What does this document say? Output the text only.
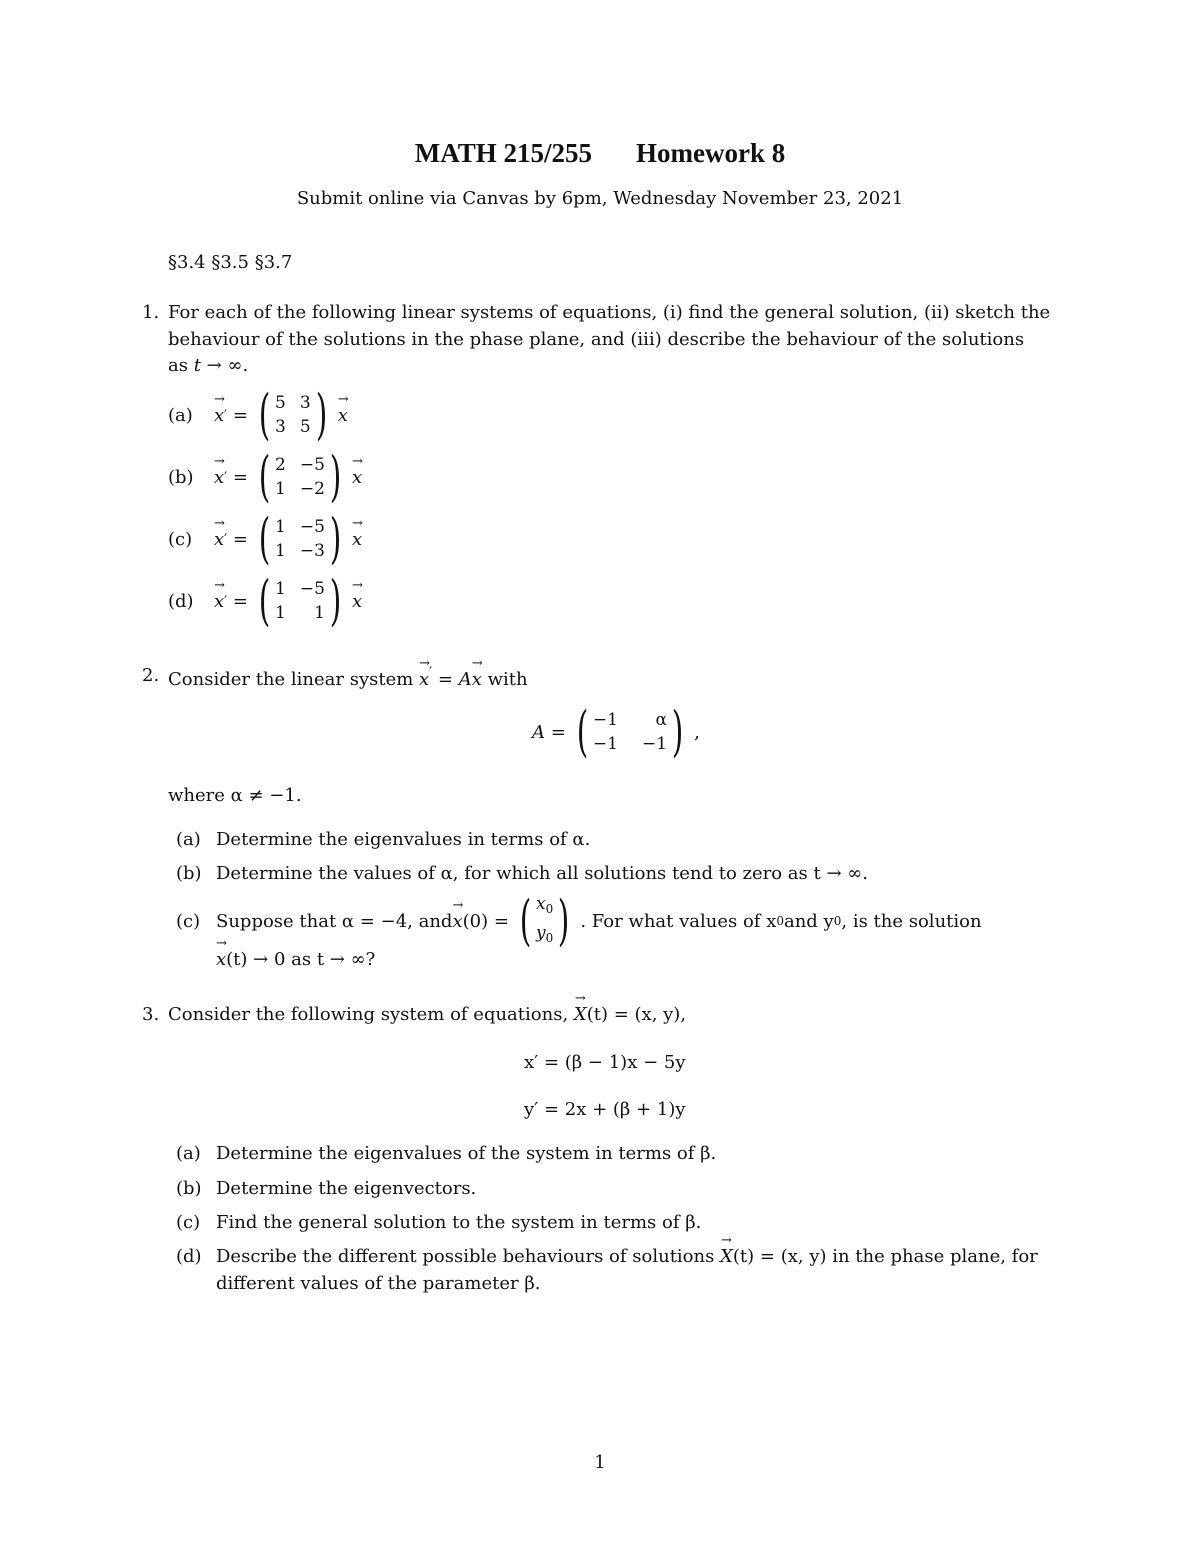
MATH 215/255 Homework 8
Submit online via Canvas by 6pm, Wednesday November 23, 2021
§3.4 §3.5 §3.7
1. For each of the following linear systems of equations, (i) find the general solution, (ii) sketch the
behaviour of the solutions in the phase plane, and (iii) describe the behaviour of the solutions
as t → ∞.
(a)	→ x ′ = ( 5 3
3 5 ) → x
(b)	→ x ′ = ( 2 −5
1 −2 ) → x
(c)	→ x ′ = ( 1 −5
1 −3 ) → x
(d)	→ x ′ = ( 1 −5
1	1 ) → x
2. Consider the linear system → x′ = A→ x with
A = ( −1	α
−1 −1 ) ,
where α ≠ −1.
(a) Determine the eigenvalues in terms of α.
(b) Determine the values of α, for which all solutions tend to zero as t → ∞.
(c) Suppose that α = −4, and → x (0) = ( $x_0$
$y_0$ ) . For what values of x 0 and y 0 , is the solution
→ x(t) → 0 as t → ∞?
3. Consider the following system of equations, → X(t) = (x, y),
x′ = (β − 1)x − 5y
y′ = 2x + (β + 1)y
(a) Determine the eigenvalues of the system in terms of β.
(b) Determine the eigenvectors.
(c) Find the general solution to the system in terms of β.
(d) Describe the different possible behaviours of solutions → X(t) = (x, y) in the phase plane, for
different values of the parameter β.
1
